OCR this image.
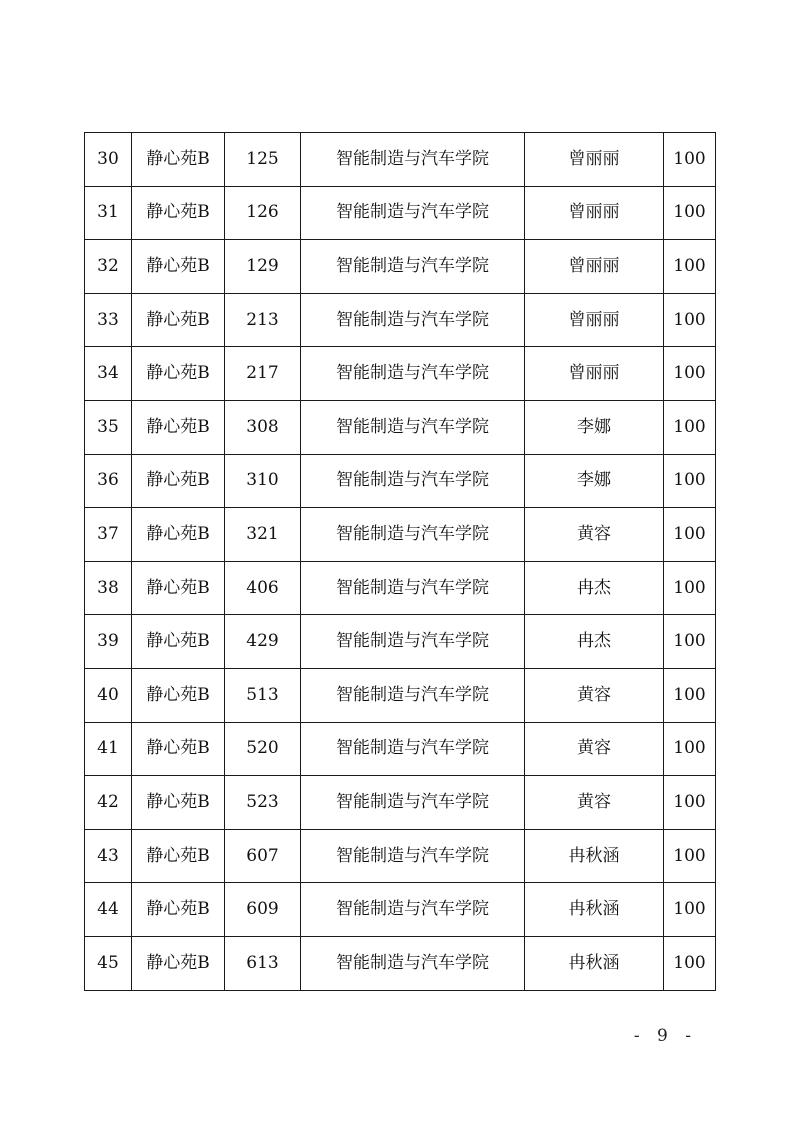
30	静心苑B	125	智能制造与汽车学院	曾丽丽	100
31	静心苑B	126	智能制造与汽车学院	曾丽丽	100
32	静心苑B	129	智能制造与汽车学院	曾丽丽	100
33	静心苑B	213	智能制造与汽车学院	曾丽丽	100
34	静心苑B	217	智能制造与汽车学院	曾丽丽	100
35	静心苑B	308	智能制造与汽车学院	李娜	100
36	静心苑B	310	智能制造与汽车学院	李娜	100
37	静心苑B	321	智能制造与汽车学院	黄容	100
38	静心苑B	406	智能制造与汽车学院	冉杰	100
39	静心苑B	429	智能制造与汽车学院	冉杰	100
40	静心苑B	513	智能制造与汽车学院	黄容	100
41	静心苑B	520	智能制造与汽车学院	黄容	100
42	静心苑B	523	智能制造与汽车学院	黄容	100
43	静心苑B	607	智能制造与汽车学院	冉秋涵	100
44	静心苑B	609	智能制造与汽车学院	冉秋涵	100
45	静心苑B	613	智能制造与汽车学院	冉秋涵	100
- 9 -
